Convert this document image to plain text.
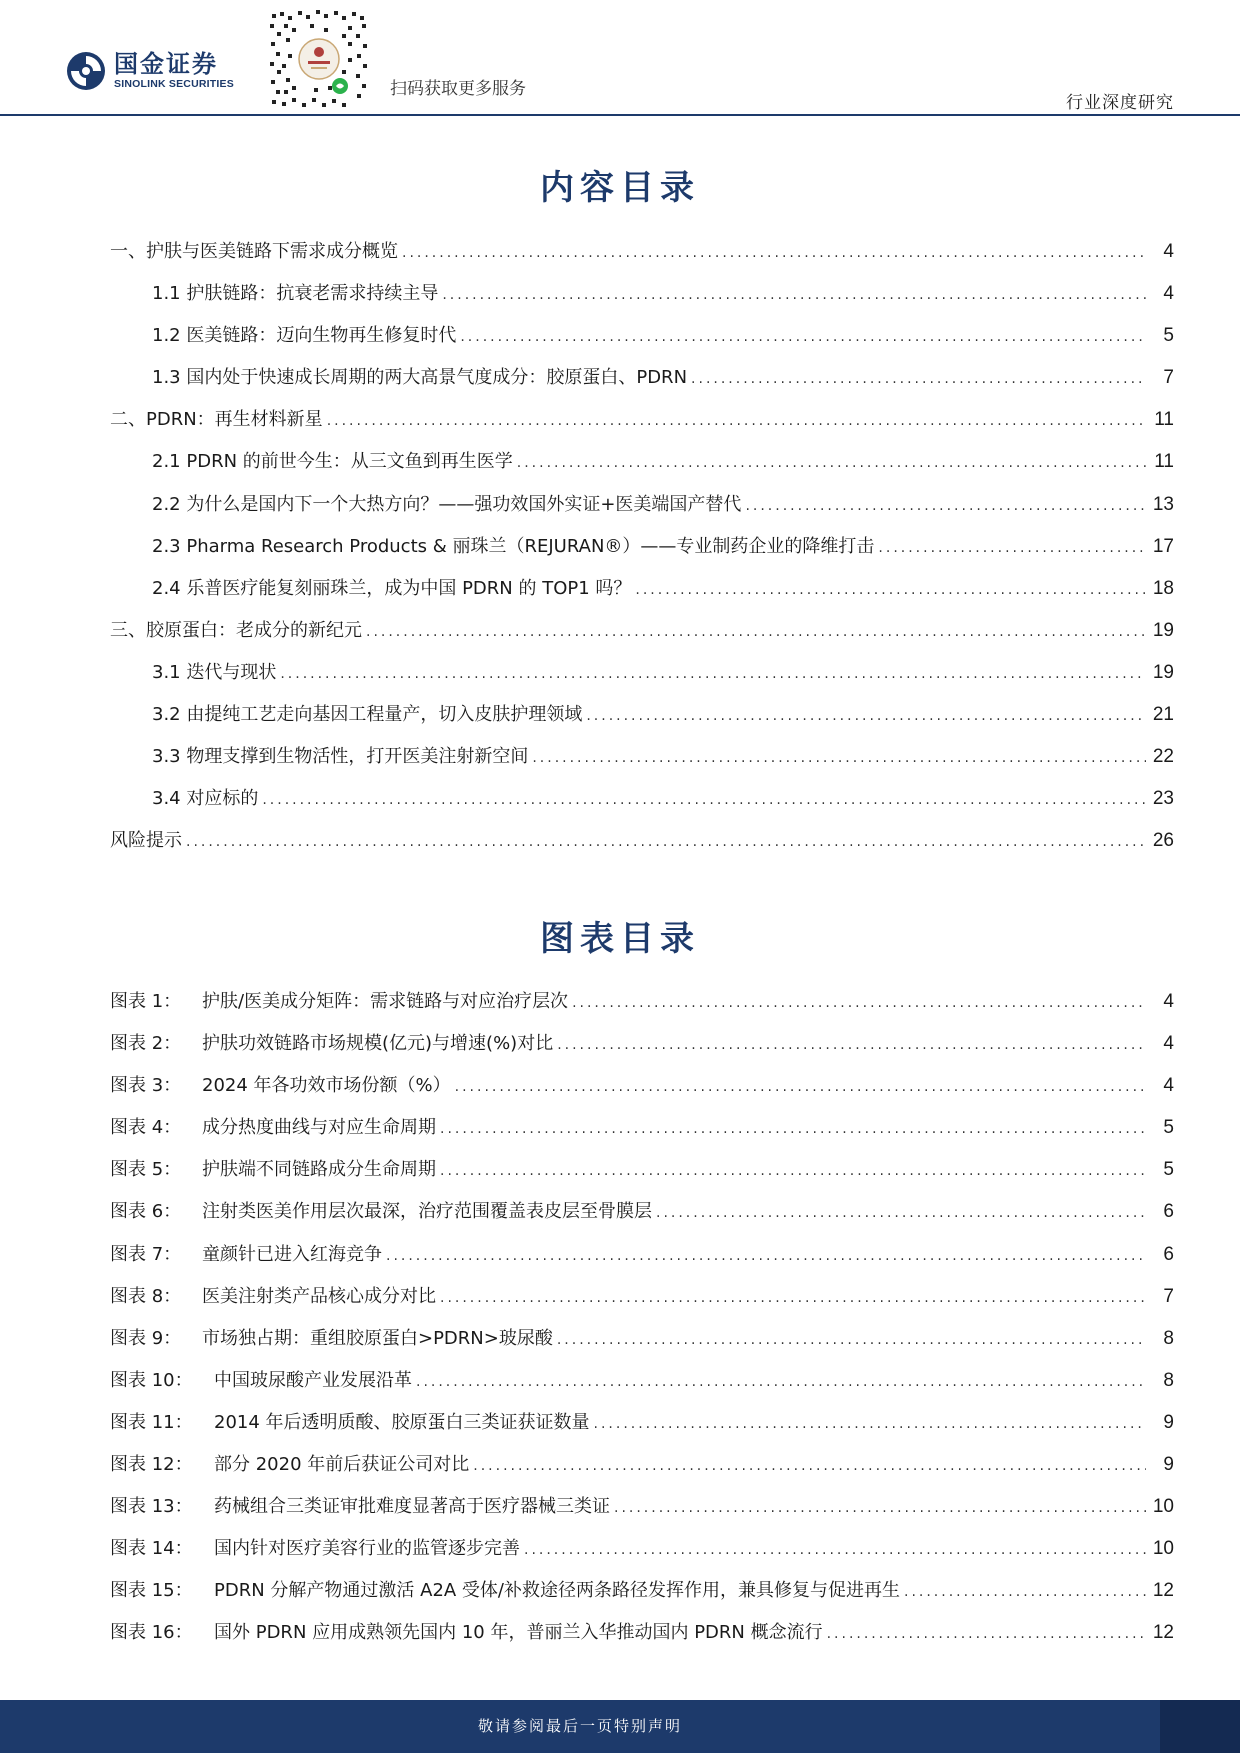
国金证券
SINOLINK SECURITIES	扫码获取更多服务
行业深度研究
内容目录
一、护肤与医美链路下需求成分概览 .....	4
1.1 护肤链路：抗衰老需求持续主导 .....	4
1.2 医美链路：迈向生物再生修复时代 .....	5
1.3 国内处于快速成长周期的两大高景气度成分：胶原蛋白、PDRN .....	7
二、PDRN：再生材料新星 .....	11
2.1 PDRN 的前世今生：从三文鱼到再生医学 .....	11
2.2 为什么是国内下一个大热方向？——强功效国外实证+医美端国产替代 .....	13
2.3 Pharma Research Products & 丽珠兰（REJURAN®）——专业制药企业的降维打击 .....	17
2.4 乐普医疗能复刻丽珠兰，成为中国 PDRN 的 TOP1 吗？ .....	18
三、胶原蛋白：老成分的新纪元 .....	19
3.1 迭代与现状 .....	19
3.2 由提纯工艺走向基因工程量产，切入皮肤护理领域 .....	21
3.3 物理支撑到生物活性，打开医美注射新空间 .....	22
3.4 对应标的 .....	23
风险提示 .....	26
图表目录
图表 1：	护肤/医美成分矩阵：需求链路与对应治疗层次 .....	4
图表 2：	护肤功效链路市场规模(亿元)与增速(%)对比 .....	4
图表 3：	2024 年各功效市场份额（%） .....	4
图表 4：	成分热度曲线与对应生命周期 .....	5
图表 5：	护肤端不同链路成分生命周期 .....	5
图表 6：	注射类医美作用层次最深，治疗范围覆盖表皮层至骨膜层 .....	6
图表 7：	童颜针已进入红海竞争 .....	6
图表 8：	医美注射类产品核心成分对比 .....	7
图表 9：	市场独占期：重组胶原蛋白>PDRN>玻尿酸 .....	8
图表 10：	中国玻尿酸产业发展沿革 .....	8
图表 11：	2014 年后透明质酸、胶原蛋白三类证获证数量 .....	9
图表 12：	部分 2020 年前后获证公司对比 .....	9
图表 13：	药械组合三类证审批难度显著高于医疗器械三类证 .....	10
图表 14：	国内针对医疗美容行业的监管逐步完善 .....	10
图表 15：	PDRN 分解产物通过激活 A2A 受体/补救途径两条路径发挥作用，兼具修复与促进再生 .....	12
图表 16：	国外 PDRN 应用成熟领先国内 10 年，普丽兰入华推动国内 PDRN 概念流行 .....	12
敬请参阅最后一页特别声明
